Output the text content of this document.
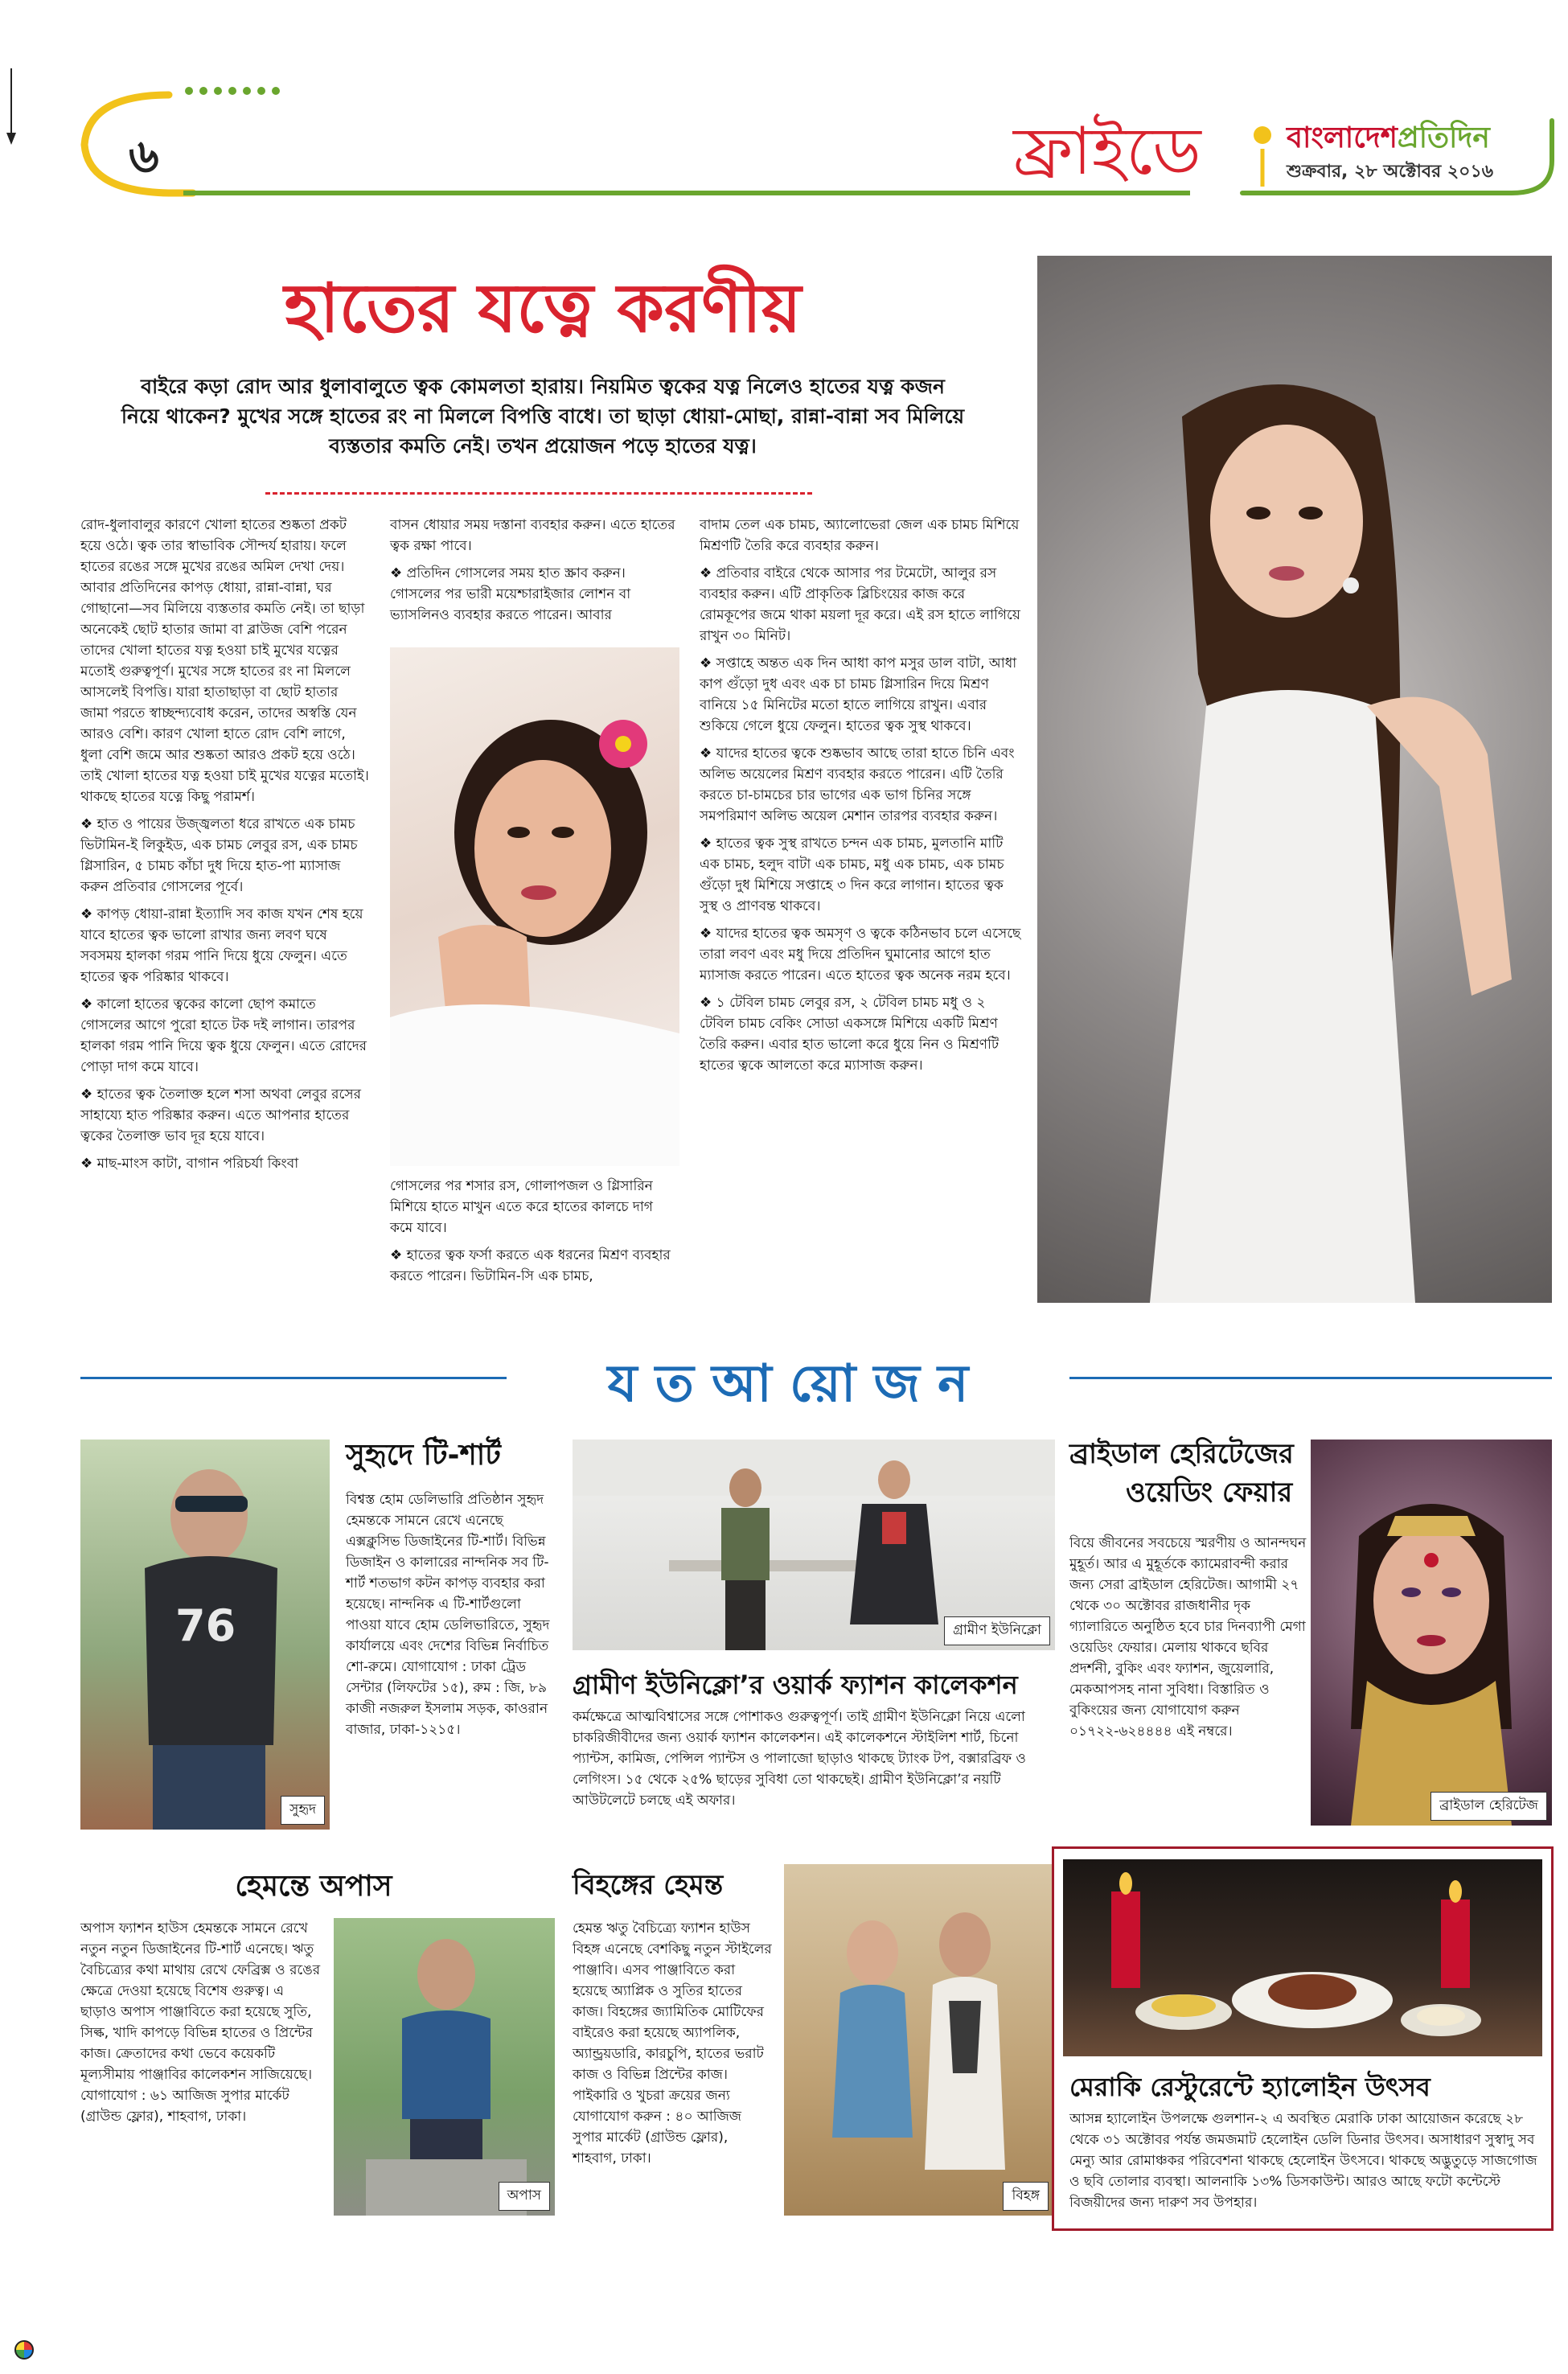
৬	ফ্রাইডে	বাংলাদেশপ্রতিদিন
শুক্রবার, ২৮ অক্টোবর ২০১৬
হাতের যত্নে করণীয়
বাইরে কড়া রোদ আর ধুলাবালুতে ত্বক কোমলতা হারায়। নিয়মিত ত্বকের যত্ন নিলেও হাতের যত্ন কজন নিয়ে থাকেন? মুখের সঙ্গে হাতের রং না মিললে বিপত্তি বাধে। তা ছাড়া ধোয়া-মোছা, রান্না-বান্না সব মিলিয়ে ব্যস্ততার কমতি নেই। তখন প্রয়োজন পড়ে হাতের যত্ন।

রোদ-ধুলাবালুর কারণে খোলা হাতের শুষ্কতা প্রকট হয়ে ওঠে। ত্বক তার স্বাভাবিক সৌন্দর্য হারায়। ফলে হাতের রঙের সঙ্গে মুখের রঙের অমিল দেখা দেয়। আবার প্রতিদিনের কাপড় ধোয়া, রান্না-বান্না, ঘর গোছানো—সব মিলিয়ে ব্যস্ততার কমতি নেই। তা ছাড়া অনেকেই ছোট হাতার জামা বা ব্লাউজ বেশি পরেন তাদের খোলা হাতের যত্ন হওয়া চাই মুখের যত্নের মতোই গুরুত্বপূর্ণ। মুখের সঙ্গে হাতের রং না মিললে আসলেই বিপত্তি। যারা হাতাছাড়া বা ছোট হাতার জামা পরতে স্বাচ্ছন্দ্যবোধ করেন, তাদের অস্বস্তি যেন আরও বেশি। কারণ খোলা হাতে রোদ বেশি লাগে, ধুলা বেশি জমে আর শুষ্কতা আরও প্রকট হয়ে ওঠে। তাই খোলা হাতের যত্ন হওয়া চাই মুখের যত্নের মতোই। থাকছে হাতের যত্নে কিছু পরামর্শ।

❖ হাত ও পায়ের উজ্জ্বলতা ধরে রাখতে এক চামচ ভিটামিন-ই লিকুইড, এক চামচ লেবুর রস, এক চামচ গ্লিসারিন, ৫ চামচ কাঁচা দুধ দিয়ে হাত-পা ম্যাসাজ করুন প্রতিবার গোসলের পূর্বে।

❖ কাপড় ধোয়া-রান্না ইত্যাদি সব কাজ যখন শেষ হয়ে যাবে হাতের ত্বক ভালো রাখার জন্য লবণ ঘষে সবসময় হালকা গরম পানি দিয়ে ধুয়ে ফেলুন। এতে হাতের ত্বক পরিষ্কার থাকবে।

❖ কালো হাতের ত্বকের কালো ছোপ কমাতে গোসলের আগে পুরো হাতে টক দই লাগান। তারপর হালকা গরম পানি দিয়ে ত্বক ধুয়ে ফেলুন। এতে রোদের পোড়া দাগ কমে যাবে।

❖ হাতের ত্বক তৈলাক্ত হলে শসা অথবা লেবুর রসের সাহায্যে হাত পরিষ্কার করুন। এতে আপনার হাতের ত্বকের তৈলাক্ত ভাব দূর হয়ে যাবে।

❖ মাছ-মাংস কাটা, বাগান পরিচর্যা কিংবা

বাসন ধোয়ার সময় দস্তানা ব্যবহার করুন। এতে হাতের ত্বক রক্ষা পাবে।

❖ প্রতিদিন গোসলের সময় হাত স্ক্রাব করুন। গোসলের পর ভারী ময়েশ্চারাইজার লোশন বা ভ্যাসলিনও ব্যবহার করতে পারেন। আবার

গোসলের পর শসার রস, গোলাপজল ও গ্লিসারিন মিশিয়ে হাতে মাখুন এতে করে হাতের কালচে দাগ কমে যাবে।

❖ হাতের ত্বক ফর্সা করতে এক ধরনের মিশ্রণ ব্যবহার করতে পারেন। ভিটামিন-সি এক চামচ,

বাদাম তেল এক চামচ, অ্যালোভেরা জেল এক চামচ মিশিয়ে মিশ্রণটি তৈরি করে ব্যবহার করুন।

❖ প্রতিবার বাইরে থেকে আসার পর টমেটো, আলুর রস ব্যবহার করুন। এটি প্রাকৃতিক ব্লিচিংয়ের কাজ করে রোমকূপের জমে থাকা ময়লা দূর করে। এই রস হাতে লাগিয়ে রাখুন ৩০ মিনিট।

❖ সপ্তাহে অন্তত এক দিন আধা কাপ মসুর ডাল বাটা, আধা কাপ গুঁড়ো দুধ এবং এক চা চামচ গ্লিসারিন দিয়ে মিশ্রণ বানিয়ে ১৫ মিনিটের মতো হাতে লাগিয়ে রাখুন। এবার শুকিয়ে গেলে ধুয়ে ফেলুন। হাতের ত্বক সুস্থ থাকবে।

❖ যাদের হাতের ত্বকে শুষ্কভাব আছে তারা হাতে চিনি এবং অলিভ অয়েলের মিশ্রণ ব্যবহার করতে পারেন। এটি তৈরি করতে চা-চামচের চার ভাগের এক ভাগ চিনির সঙ্গে সমপরিমাণ অলিভ অয়েল মেশান তারপর ব্যবহার করুন।

❖ হাতের ত্বক সুস্থ রাখতে চন্দন এক চামচ, মুলতানি মাটি এক চামচ, হলুদ বাটা এক চামচ, মধু এক চামচ, এক চামচ গুঁড়ো দুধ মিশিয়ে সপ্তাহে ৩ দিন করে লাগান। হাতের ত্বক সুস্থ ও প্রাণবন্ত থাকবে।

❖ যাদের হাতের ত্বক অমসৃণ ও ত্বকে কঠিনভাব চলে এসেছে তারা লবণ এবং মধু দিয়ে প্রতিদিন ঘুমানোর আগে হাত ম্যাসাজ করতে পারেন। এতে হাতের ত্বক অনেক নরম হবে।

❖ ১ টেবিল চামচ লেবুর রস, ২ টেবিল চামচ মধু ও ২ টেবিল চামচ বেকিং সোডা একসঙ্গে মিশিয়ে একটি মিশ্রণ তৈরি করুন। এবার হাত ভালো করে ধুয়ে নিন ও মিশ্রণটি হাতের ত্বকে আলতো করে ম্যাসাজ করুন।

য ত আ য়ো জ ন
76
সুহৃদ
সুহৃদে টি-শার্ট
বিশ্বস্ত হোম ডেলিভারি প্রতিষ্ঠান সুহৃদ হেমন্তকে সামনে রেখে এনেছে এক্সক্লুসিভ ডিজাইনের টি-শার্ট। বিভিন্ন ডিজাইন ও কালারের নান্দনিক সব টি-শার্ট শতভাগ কটন কাপড় ব্যবহার করা হয়েছে। নান্দনিক এ টি-শার্টগুলো পাওয়া যাবে হোম ডেলিভারিতে, সুহৃদ কার্যালয়ে এবং দেশের বিভিন্ন নির্বাচিত শো-রুমে। যোগাযোগ : ঢাকা ট্রেড সেন্টার (লিফটের ১৫), রুম : জি, ৮৯ কাজী নজরুল ইসলাম সড়ক, কাওরান বাজার, ঢাকা-১২১৫।
গ্রামীণ ইউনিক্লো
গ্রামীণ ইউনিক্লো’র ওয়ার্ক ফ্যাশন কালেকশন
কর্মক্ষেত্রে আত্মবিশ্বাসের সঙ্গে পোশাকও গুরুত্বপূর্ণ। তাই গ্রামীণ ইউনিক্লো নিয়ে এলো চাকরিজীবীদের জন্য ওয়ার্ক ফ্যাশন কালেকশন। এই কালেকশনে স্টাইলিশ শার্ট, চিনো প্যান্টস, কামিজ, পেন্সিল প্যান্টস ও পালাজো ছাড়াও থাকছে ট্যাংক টপ, বক্সারব্রিফ ও লেগিংস। ১৫ থেকে ২৫% ছাড়ের সুবিধা তো থাকছেই। গ্রামীণ ইউনিক্লো’র নয়টি আউটলেটে চলছে এই অফার।
ব্রাইডাল হেরিটেজের
ওয়েডিং ফেয়ার
বিয়ে জীবনের সবচেয়ে স্মরণীয় ও আনন্দঘন মুহূর্ত। আর এ মুহূর্তকে ক্যামেরাবন্দী করার জন্য সেরা ব্রাইডাল হেরিটেজ। আগামী ২৭ থেকে ৩০ অক্টোবর রাজধানীর দৃক গ্যালারিতে অনুষ্ঠিত হবে চার দিনব্যাপী মেগা ওয়েডিং ফেয়ার। মেলায় থাকবে ছবির প্রদর্শনী, বুকিং এবং ফ্যাশন, জুয়েলারি, মেকআপসহ নানা সুবিধা। বিস্তারিত ও বুকিংয়ের জন্য যোগাযোগ করুন ০১৭২২-৬২৪৪৪৪ এই নম্বরে।
ব্রাইডাল হেরিটেজ
হেমন্তে অপাস
অপাস ফ্যাশন হাউস হেমন্তকে সামনে রেখে নতুন নতুন ডিজাইনের টি-শার্ট এনেছে। ঋতু বৈচিত্র্যের কথা মাথায় রেখে ফেব্রিক্স ও রঙের ক্ষেত্রে দেওয়া হয়েছে বিশেষ গুরুত্ব। এ ছাড়াও অপাস পাঞ্জাবিতে করা হয়েছে সুতি, সিল্ক, খাদি কাপড়ে বিভিন্ন হাতের ও প্রিন্টের কাজ। ক্রেতাদের কথা ভেবে কয়েকটি মূল্যসীমায় পাঞ্জাবির কালেকশন সাজিয়েছে। যোগাযোগ : ৬১ আজিজ সুপার মার্কেট (গ্রাউন্ড ফ্লোর), শাহবাগ, ঢাকা।
অপাস
বিহঙ্গের হেমন্ত
হেমন্ত ঋতু বৈচিত্র্যে ফ্যাশন হাউস বিহঙ্গ এনেছে বেশকিছু নতুন স্টাইলের পাঞ্জাবি। এসব পাঞ্জাবিতে করা হয়েছে অ্যাপ্লিক ও সুতির হাতের কাজ। বিহঙ্গের জ্যামিতিক মোটিফের বাইরেও করা হয়েছে অ্যাপলিক, অ্যান্ড্রয়ডারি, কারচুপি, হাতের ভরাট কাজ ও বিভিন্ন প্রিন্টের কাজ। পাইকারি ও খুচরা ক্রয়ের জন্য যোগাযোগ করুন : ৪০ আজিজ সুপার মার্কেট (গ্রাউন্ড ফ্লোর), শাহবাগ, ঢাকা।
বিহঙ্গ
মেরাকি রেস্টুরেন্টে হ্যালোইন উৎসব
আসন্ন হ্যালোইন উপলক্ষে গুলশান-২ এ অবস্থিত মেরাকি ঢাকা আয়োজন করেছে ২৮ থেকে ৩১ অক্টোবর পর্যন্ত জমজমাট হেলোইন ডেলি ডিনার উৎসব। অসাধারণ সুস্বাদু সব মেন্যু আর রোমাঞ্চকর পরিবেশনা থাকছে হেলোইন উৎসবে। থাকছে অদ্ভুতুড়ে সাজগোজ ও ছবি তোলার ব্যবস্থা। আলনাকি ১৩% ডিসকাউন্ট। আরও আছে ফটো কন্টেস্টে বিজয়ীদের জন্য দারুণ সব উপহার।
